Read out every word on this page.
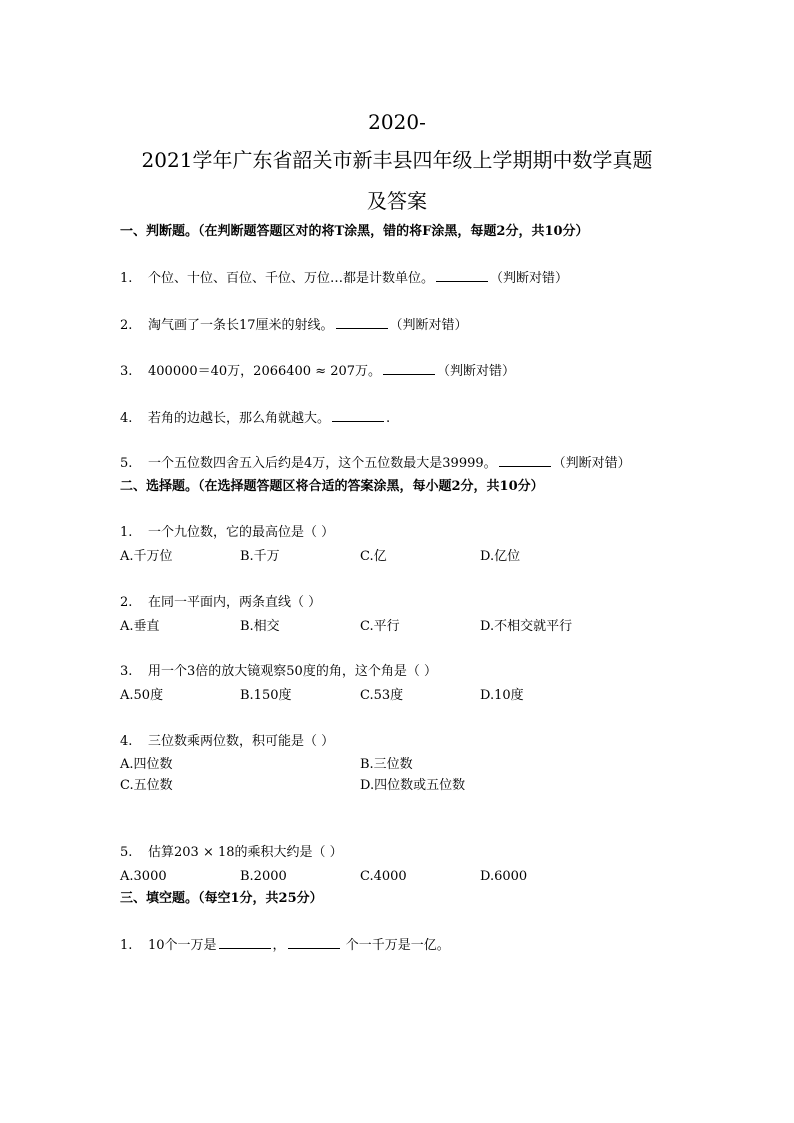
2020-
2021学年广东省韶关市新丰县四年级上学期期中数学真题
及答案
一、判断题。（在判断题答题区对的将T涂黑，错的将F涂黑，每题2分，共10分）
1. 个位、十位、百位、千位、万位…都是计数单位。	（判断对错）
2. 淘气画了一条长17厘米的射线。	（判断对错）
3. 400000＝40万，2066400 ≈ 207万。	（判断对错）
4. 若角的边越长，那么角就越大。	.
5. 一个五位数四舍五入后约是4万，这个五位数最大是39999。	（判断对错）
二、选择题。（在选择题答题区将合适的答案涂黑，每小题2分，共10分）
1. 一个九位数，它的最高位是（ ）
A.千万位	B.千万	C.亿	D.亿位
2. 在同一平面内，两条直线（ ）
A.垂直	B.相交	C.平行	D.不相交就平行
3. 用一个3倍的放大镜观察50度的角，这个角是（ ）
A.50度	B.150度	C.53度	D.10度
4. 三位数乘两位数，积可能是（ ）
A.四位数	B.三位数
C.五位数	D.四位数或五位数
5. 估算203 × 18的乘积大约是（ ）
A.3000	B.2000	C.4000	D.6000
三、填空题。（每空1分，共25分）
1. 10个一万是	，	个一千万是一亿。
